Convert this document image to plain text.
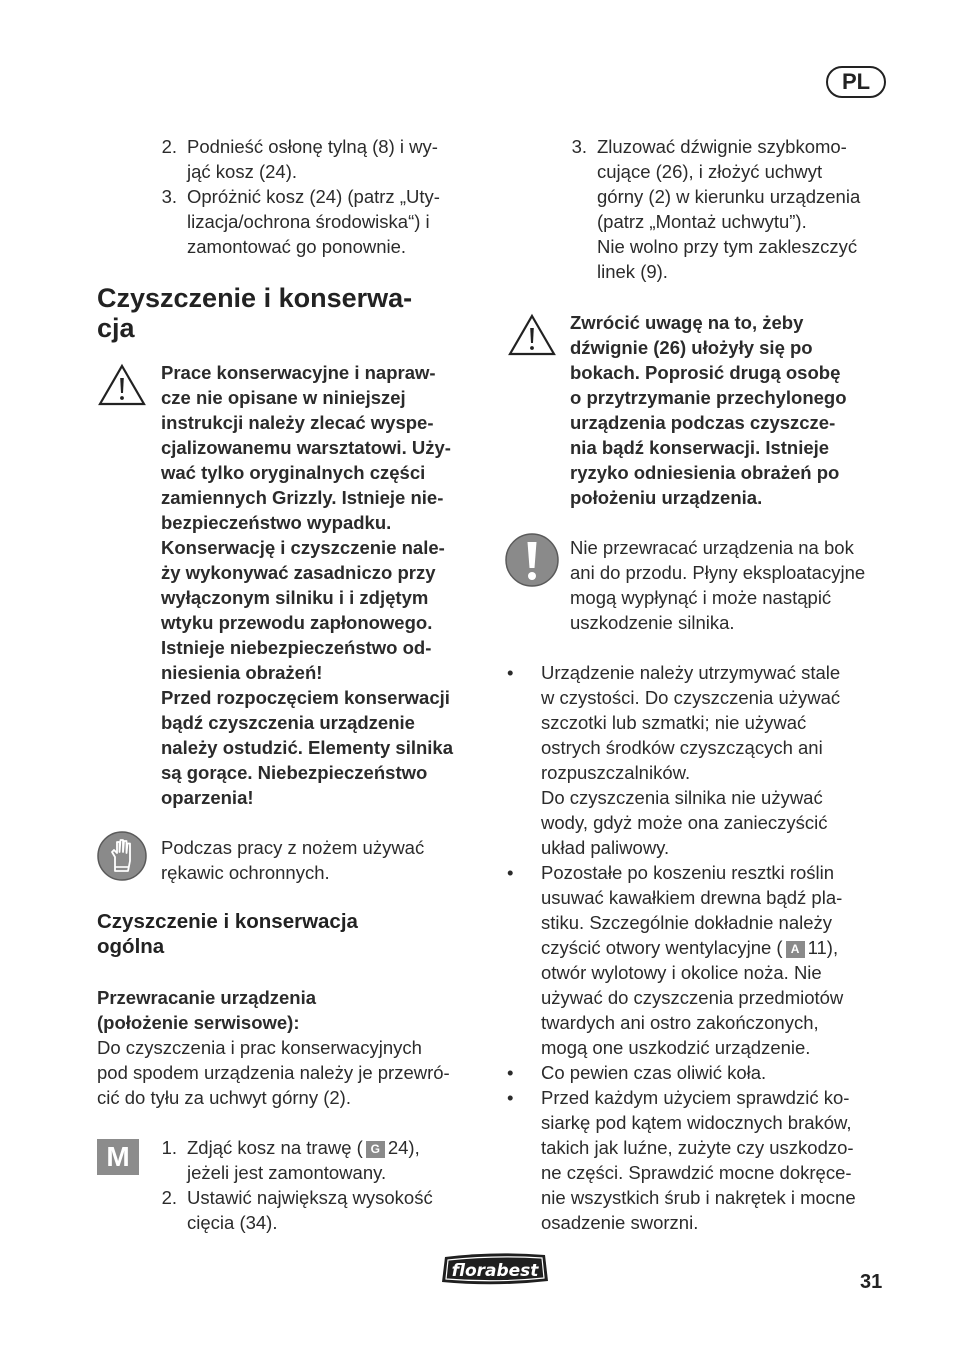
PL
2. Podnieść osłonę tylną (8) i wy-
jąć kosz (24).
3. Opróżnić kosz (24) (patrz „Uty-
lizacja/ochrona środowiska“) i
zamontować go ponownie.
Czyszczenie i konserwa-
cja
Prace konserwacyjne i napraw-
cze nie opisane w niniejszej
instrukcji należy zlecać wyspe-
cjalizowanemu warsztatowi. Uży-
wać tylko oryginalnych części
zamiennych Grizzly. Istnieje nie-
bezpieczeństwo wypadku.
Konserwację i czyszczenie nale-
ży wykonywać zasadniczo przy
wyłączonym silniku i i zdjętym
wtyku przewodu zapłonowego.
Istnieje niebezpieczeństwo od-
niesienia obrażeń!
Przed rozpoczęciem konserwacji
bądź czyszczenia urządzenie
należy ostudzić. Elementy silnika
są gorące. Niebezpieczeństwo
oparzenia!
Podczas pracy z nożem używać
rękawic ochronnych.
Czyszczenie i konserwacja
ogólna
Przewracanie urządzenia
(położenie serwisowe):
Do czyszczenia i prac konserwacyjnych
pod spodem urządzenia należy je przewró-
cić do tyłu za uchwyt górny (2).
M	1. Zdjąć kosz na trawę ( G 24),
jeżeli jest zamontowany.
2. Ustawić największą wysokość
cięcia (34).
3. Zluzować dźwignie szybkomo-
cujące (26), i złożyć uchwyt
górny (2) w kierunku urządzenia
(patrz „Montaż uchwytu”).
Nie wolno przy tym zakleszczyć
linek (9).
Zwrócić uwagę na to, żeby
dźwignie (26) ułożyły się po
bokach. Poprosić drugą osobę
o przytrzymanie przechylonego
urządzenia podczas czyszcze-
nia bądź konserwacji. Istnieje
ryzyko odniesienia obrażeń po
położeniu urządzenia.
Nie przewracać urządzenia na bok
ani do przodu. Płyny eksploatacyjne
mogą wypłynąć i może nastąpić
uszkodzenie silnika.
• Urządzenie należy utrzymywać stale
w czystości. Do czyszczenia używać
szczotki lub szmatki; nie używać
ostrych środków czyszczących ani
rozpuszczalników.
Do czyszczenia silnika nie używać
wody, gdyż może ona zanieczyścić
układ paliwowy.
• Pozostałe po koszeniu resztki roślin
usuwać kawałkiem drewna bądź pla-
stiku. Szczególnie dokładnie należy
czyścić otwory wentylacyjne ( A 11),
otwór wylotowy i okolice noża. Nie
używać do czyszczenia przedmiotów
twardych ani ostro zakończonych,
mogą one uszkodzić urządzenie.
• Co pewien czas oliwić koła.
• Przed każdym użyciem sprawdzić ko-
siarkę pod kątem widocznych braków,
takich jak luźne, zużyte czy uszkodzo-
ne części. Sprawdzić mocne dokręce-
nie wszystkich śrub i nakrętek i mocne
osadzenie sworzni.
florabest	31
